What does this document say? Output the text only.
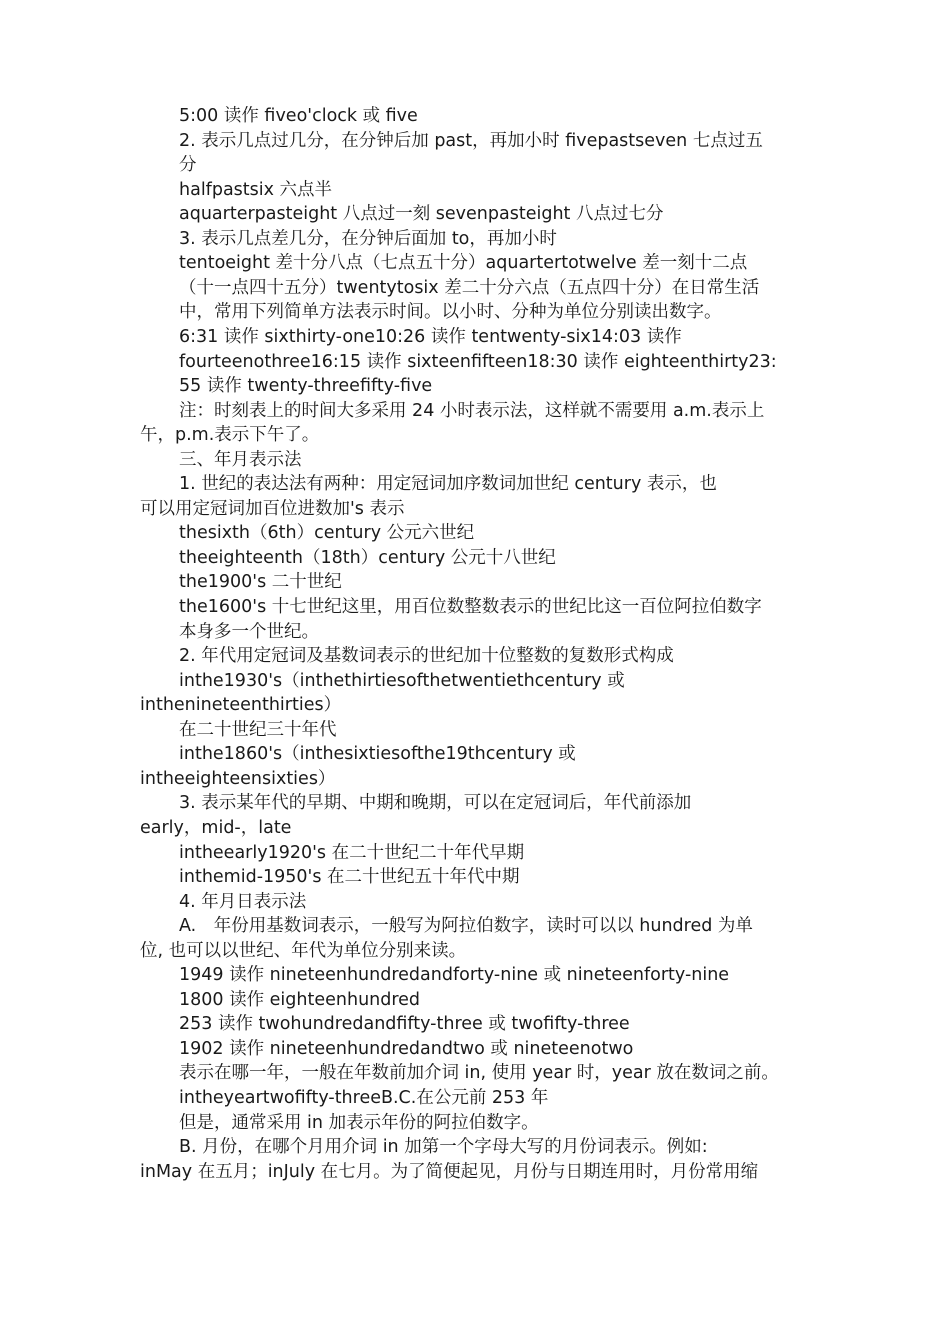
5:00 读作 fiveo'clock 或 five

2. 表示几点过几分，在分钟后加 past，再加小时 fivepastseven 七点过五

分

halfpastsix 六点半

aquarterpasteight 八点过一刻 sevenpasteight 八点过七分

3. 表示几点差几分，在分钟后面加 to，再加小时

tentoeight 差十分八点（七点五十分）aquartertotwelve 差一刻十二点

（十一点四十五分）twentytosix 差二十分六点（五点四十分）在日常生活

中，常用下列简单方法表示时间。以小时、分种为单位分别读出数字。

6:31 读作 sixthirty-one10:26 读作 tentwenty-six14:03 读作

fourteenothree16:15 读作 sixteenfifteen18:30 读作 eighteenthirty23:

55 读作 twenty-threefifty-five

注：时刻表上的时间大多采用 24 小时表示法，这样就不需要用 a.m.表示上

午，p.m.表示下午了。

三、年月表示法

1. 世纪的表达法有两种：用定冠词加序数词加世纪 century 表示，也

可以用定冠词加百位进数加's 表示

thesixth（6th）century 公元六世纪

theeighteenth（18th）century 公元十八世纪

the1900's 二十世纪

the1600's 十七世纪这里，用百位数整数表示的世纪比这一百位阿拉伯数字

本身多一个世纪。

2. 年代用定冠词及基数词表示的世纪加十位整数的复数形式构成

inthe1930's（inthethirtiesofthetwentiethcentury 或

inthenineteenthirties）

在二十世纪三十年代

inthe1860's（inthesixtiesofthe19thcentury 或

intheeighteensixties）

3. 表示某年代的早期、中期和晚期，可以在定冠词后，年代前添加

early，mid-，late

intheearly1920's 在二十世纪二十年代早期

inthemid-1950's 在二十世纪五十年代中期

4. 年月日表示法

A.　年份用基数词表示，一般写为阿拉伯数字，读时可以以 hundred 为单

位, 也可以以世纪、年代为单位分别来读。

1949 读作 nineteenhundredandforty-nine 或 nineteenforty-nine

1800 读作 eighteenhundred

253 读作 twohundredandfifty-three 或 twofifty-three

1902 读作 nineteenhundredandtwo 或 nineteenotwo

表示在哪一年，一般在年数前加介词 in, 使用 year 时，year 放在数词之前。

intheyeartwofifty-threeB.C.在公元前 253 年

但是，通常采用 in 加表示年份的阿拉伯数字。

B. 月份，在哪个月用介词 in 加第一个字母大写的月份词表示。例如:

inMay 在五月；inJuly 在七月。为了简便起见，月份与日期连用时，月份常用缩
